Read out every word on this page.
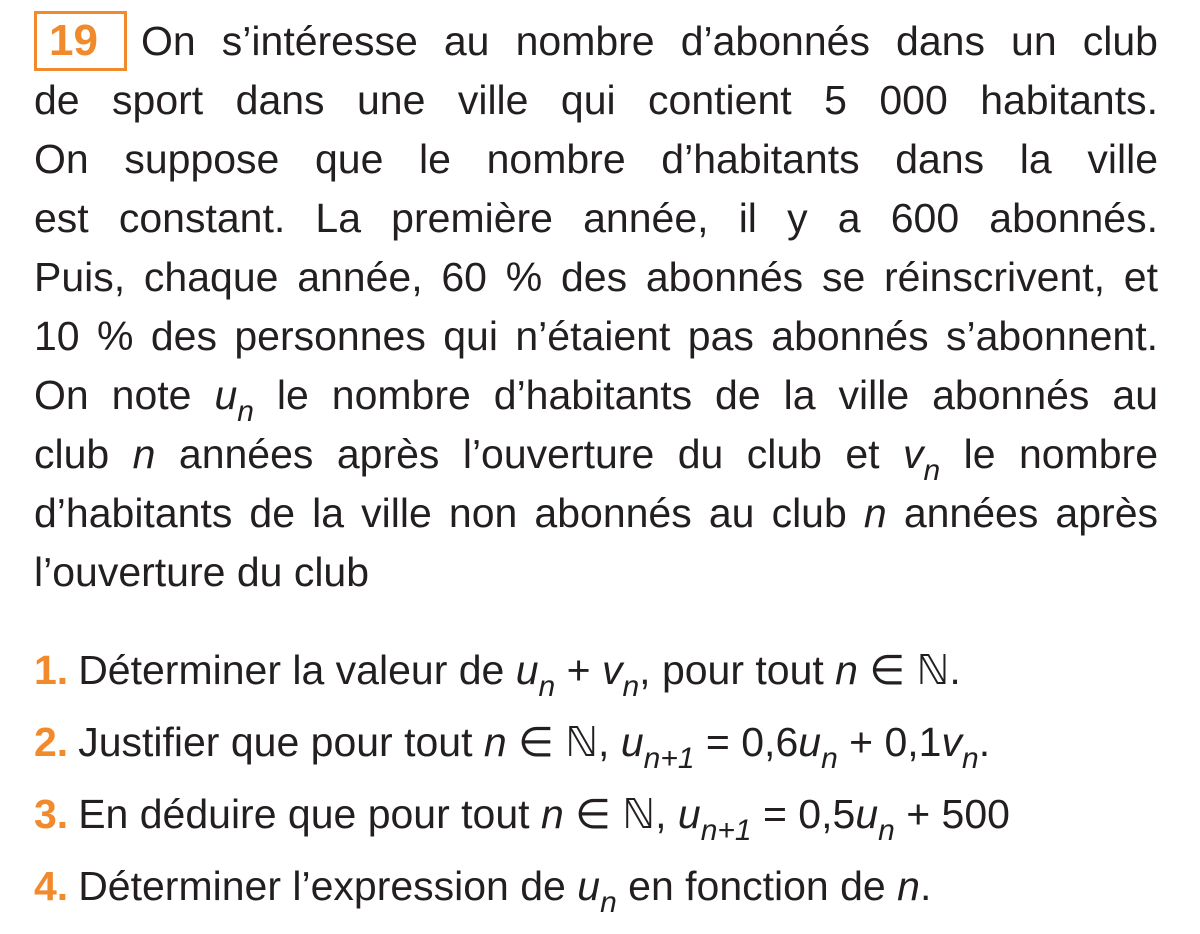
19 On s’intéresse au nombre d’abonnés dans un club
de sport dans une ville qui contient 5 000 habitants.
On suppose que le nombre d’habitants dans la ville
est constant. La première année, il y a 600 abonnés.
Puis, chaque année, 60 % des abonnés se réinscrivent, et
10 % des personnes qui n’étaient pas abonnés s’abonnent.
On note $u_n$ le nombre d’habitants de la ville abonnés au
club n années après l’ouverture du club et $v_n$ le nombre
d’habitants de la ville non abonnés au club n années après
l’ouverture du club

1. Déterminer la valeur de $u_n + v_n$, pour tout n ∈ ℕ.
2. Justifier que pour tout n ∈ ℕ, $u_{n+1} = 0,6u_n + 0,1v_n$.
3. En déduire que pour tout n ∈ ℕ, $u_{n+1} = 0,5u_n + 500$
4. Déterminer l’expression de $u_n$ en fonction de n.
